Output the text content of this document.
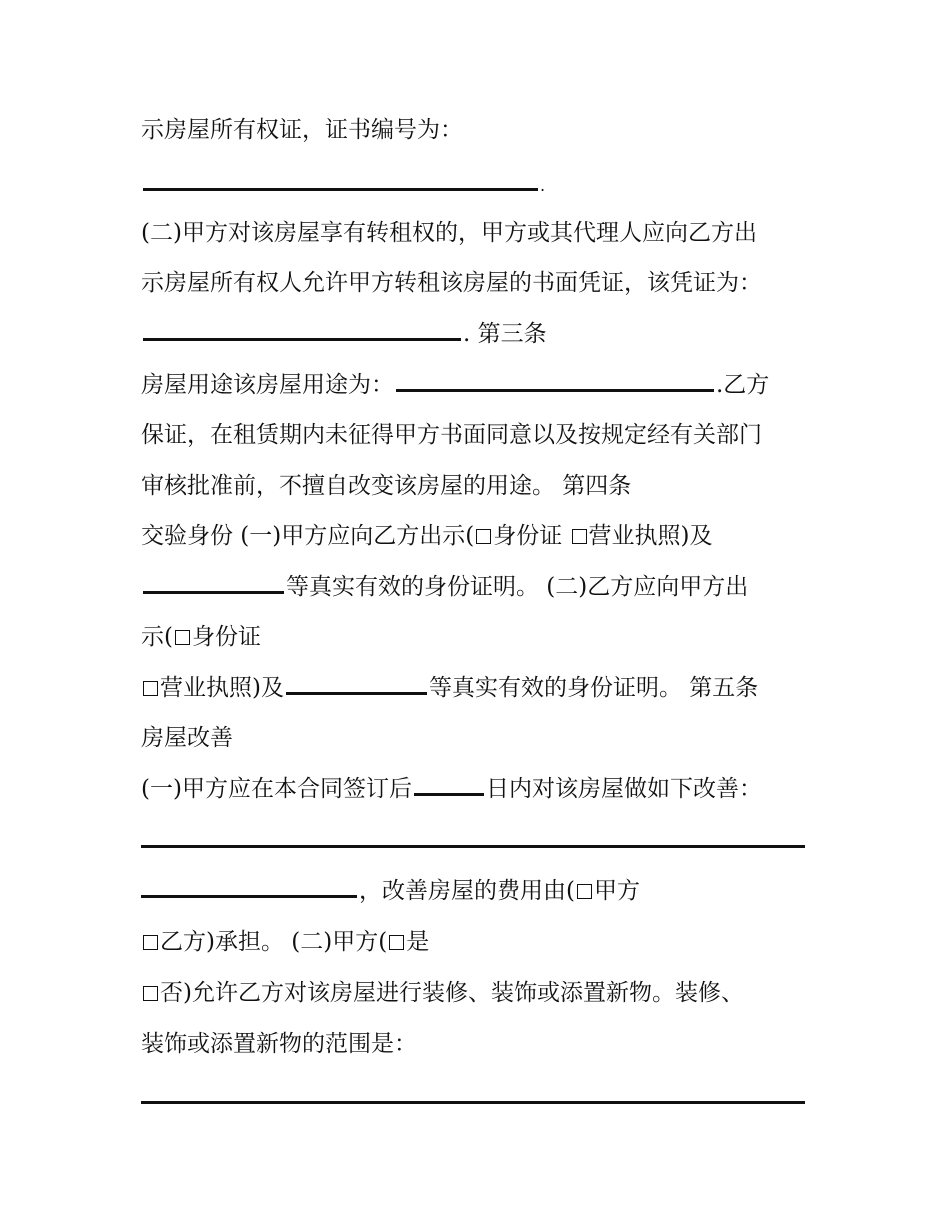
示房屋所有权证，证书编号为：
.
(二)甲方对该房屋享有转租权的，甲方或其代理人应向乙方出
示房屋所有权人允许甲方转租该房屋的书面凭证，该凭证为：
. 第三条
房屋用途该房屋用途为：	.乙方
保证，在租赁期内未征得甲方书面同意以及按规定经有关部门
审核批准前，不擅自改变该房屋的用途。 第四条
交验身份 (一)甲方应向乙方出示( 身份证 营业执照)及
等真实有效的身份证明。 (二)乙方应向甲方出
示( 身份证
营业执照)及	等真实有效的身份证明。 第五条
房屋改善
(一)甲方应在本合同签订后	日内对该房屋做如下改善：
，改善房屋的费用由( 甲方
乙方)承担。 (二)甲方( 是
否)允许乙方对该房屋进行装修、装饰或添置新物。装修、
装饰或添置新物的范围是：
